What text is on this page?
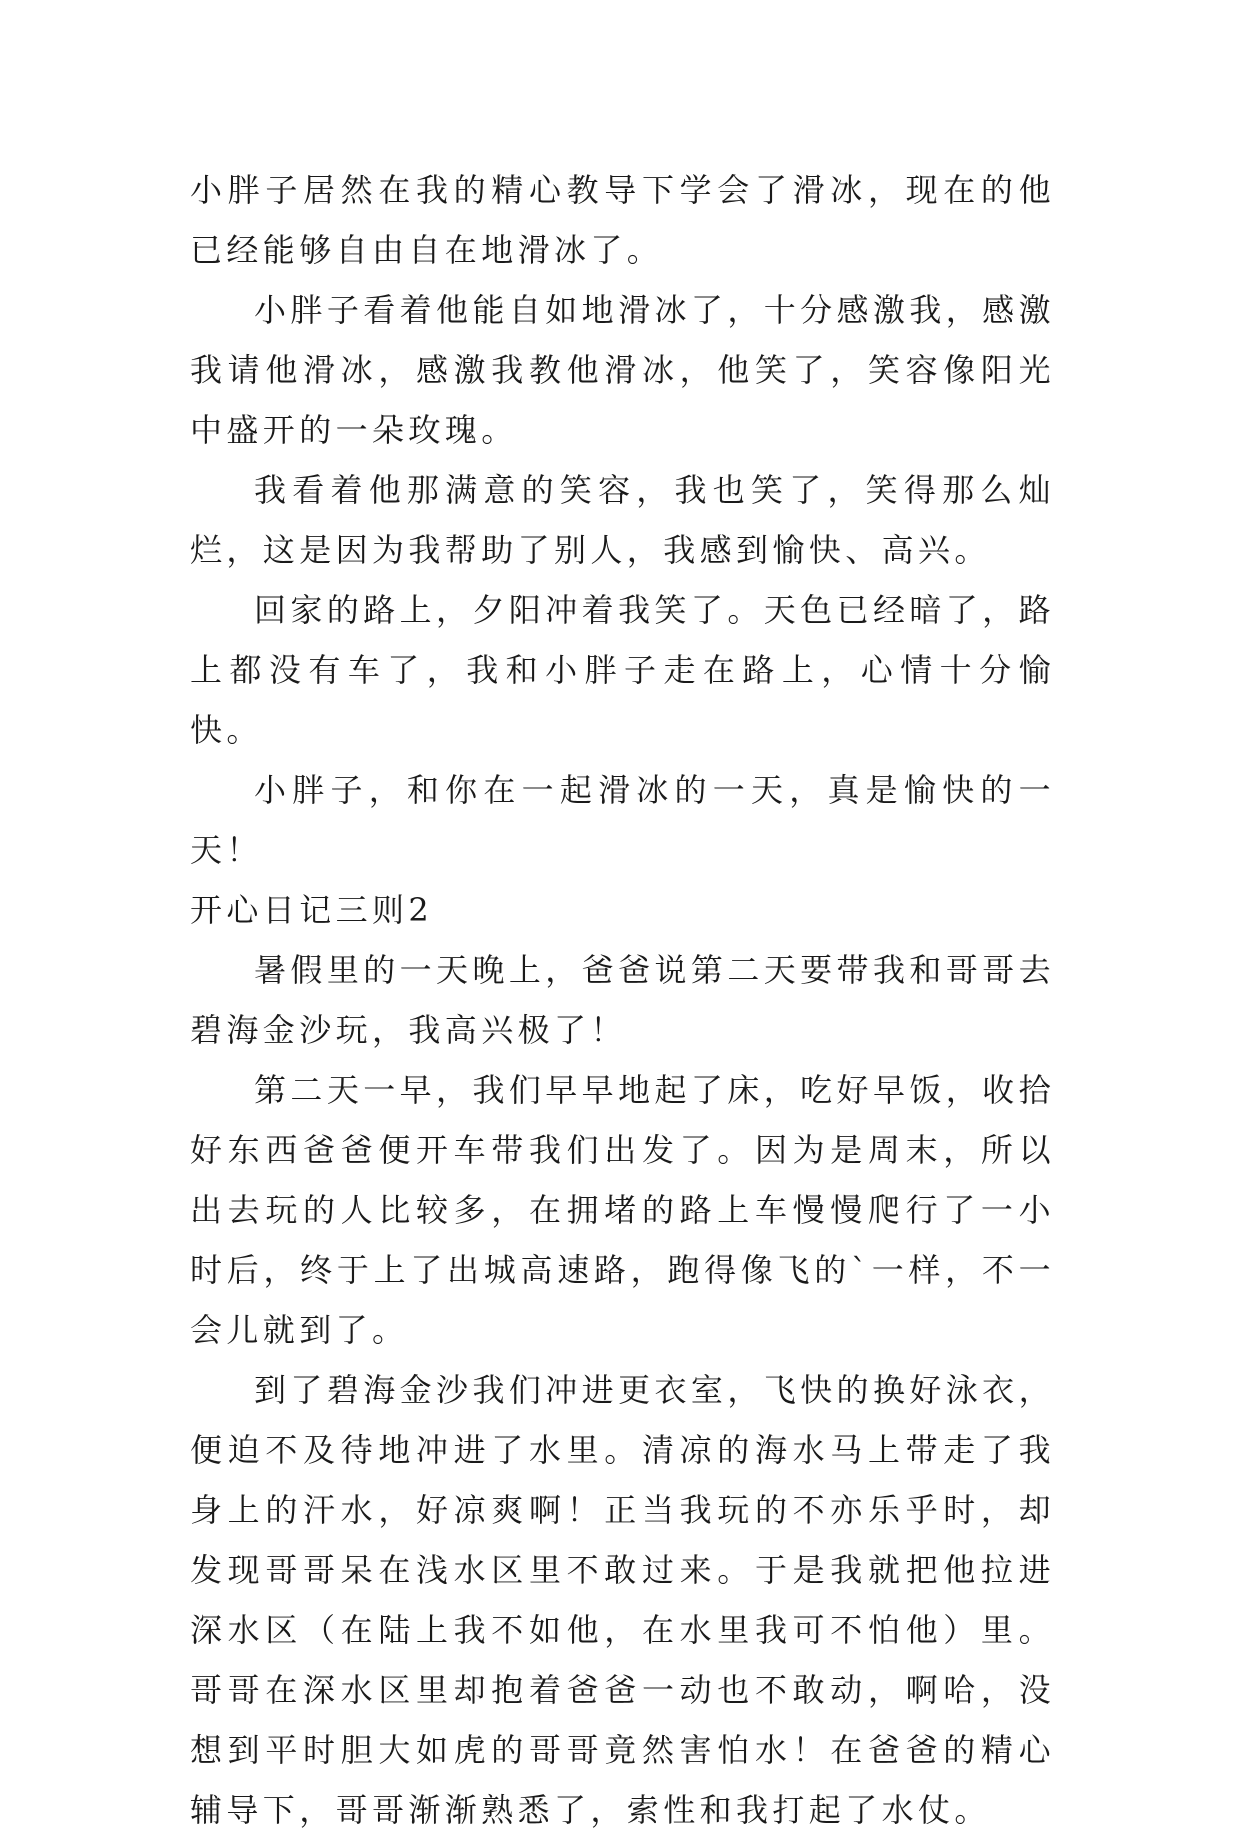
小胖子居然在我的精心教导下学会了滑冰，现在的他已经能够自由自在地滑冰了。

小胖子看着他能自如地滑冰了，十分感激我，感激我请他滑冰，感激我教他滑冰，他笑了，笑容像阳光中盛开的一朵玫瑰。

我看着他那满意的笑容，我也笑了，笑得那么灿烂，这是因为我帮助了别人，我感到愉快、高兴。

回家的路上，夕阳冲着我笑了。天色已经暗了，路上都没有车了，我和小胖子走在路上，心情十分愉快。

小胖子，和你在一起滑冰的一天，真是愉快的一天！

开心日记三则2

暑假里的一天晚上，爸爸说第二天要带我和哥哥去碧海金沙玩，我高兴极了！

第二天一早，我们早早地起了床，吃好早饭，收拾好东西爸爸便开车带我们出发了。因为是周末，所以出去玩的人比较多，在拥堵的路上车慢慢爬行了一小时后，终于上了出城高速路，跑得像飞的`一样，不一会儿就到了。

到了碧海金沙我们冲进更衣室，飞快的换好泳衣，便迫不及待地冲进了水里。清凉的海水马上带走了我身上的汗水，好凉爽啊！正当我玩的不亦乐乎时，却发现哥哥呆在浅水区里不敢过来。于是我就把他拉进深水区（在陆上我不如他，在水里我可不怕他）里。哥哥在深水区里却抱着爸爸一动也不敢动，啊哈，没想到平时胆大如虎的哥哥竟然害怕水！在爸爸的精心辅导下，哥哥渐渐熟悉了，索性和我打起了水仗。
